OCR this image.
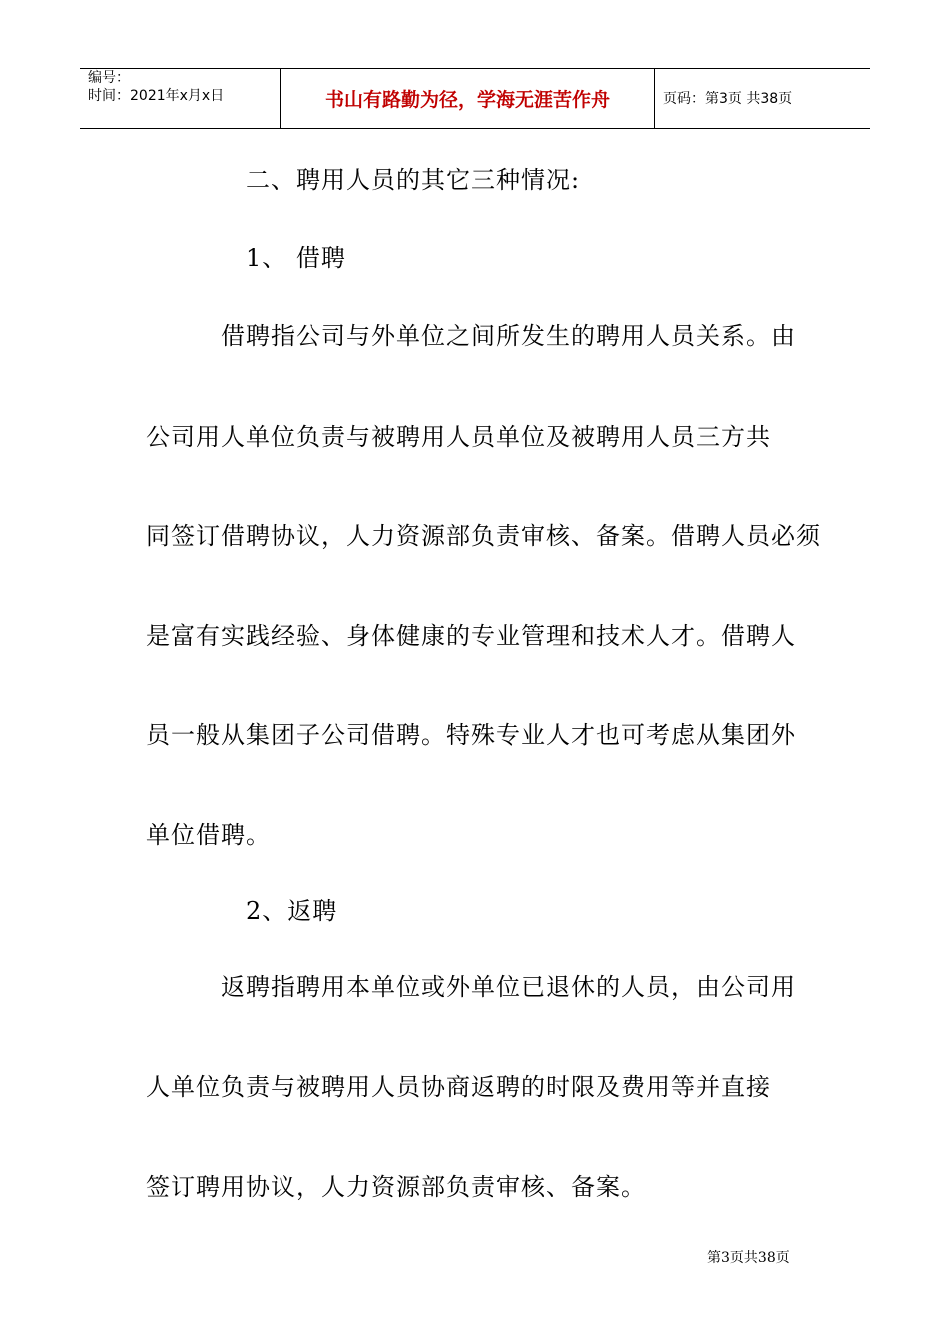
编号：
时间：2021年x月x日	书山有路勤为径，学海无涯苦作舟	页码：第3页 共38页
二、聘用人员的其它三种情况:
1、 借聘
借聘指公司与外单位之间所发生的聘用人员关系。由
公司用人单位负责与被聘用人员单位及被聘用人员三方共
同签订借聘协议，人力资源部负责审核、备案。借聘人员必须
是富有实践经验、身体健康的专业管理和技术人才。借聘人
员一般从集团子公司借聘。特殊专业人才也可考虑从集团外
单位借聘。
2、返聘
返聘指聘用本单位或外单位已退休的人员，由公司用
人单位负责与被聘用人员协商返聘的时限及费用等并直接
签订聘用协议，人力资源部负责审核、备案。
第3页共38页
